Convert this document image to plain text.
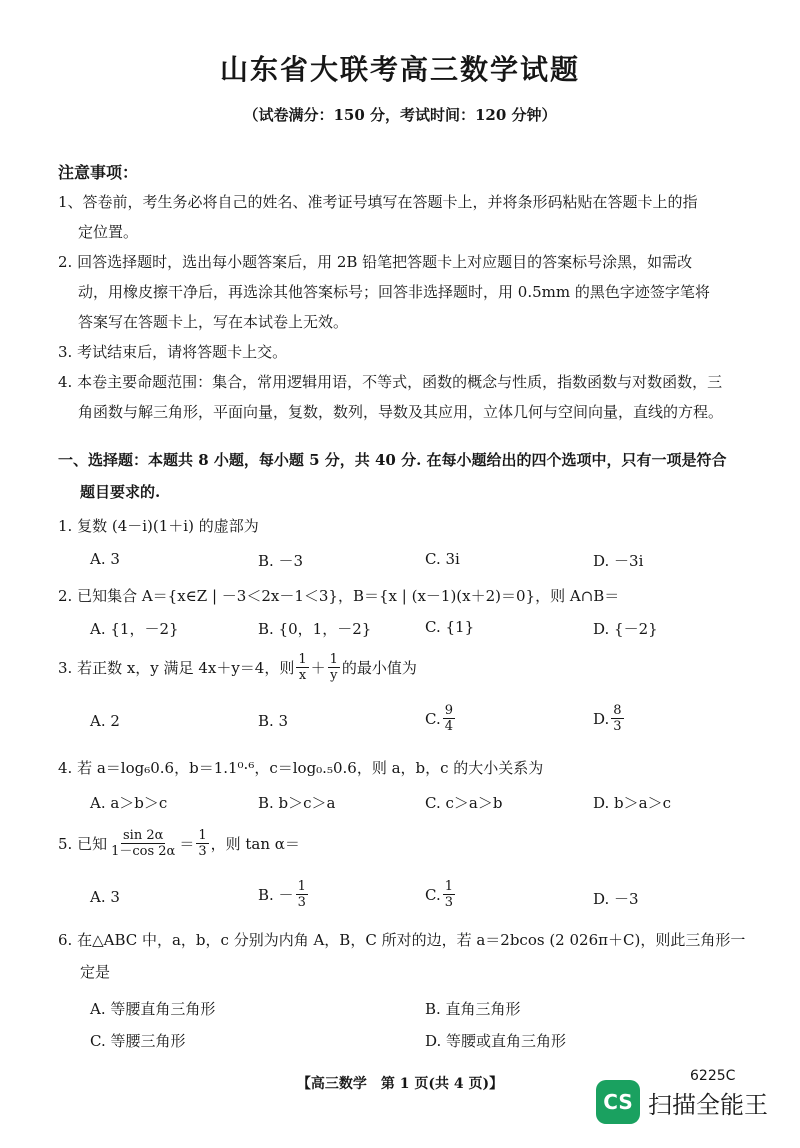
山东省大联考高三数学试题
（试卷满分：150 分，考试时间：120 分钟）
注意事项：
1、答卷前，考生务必将自己的姓名、准考证号填写在答题卡上，并将条形码粘贴在答题卡上的指
定位置。
2. 回答选择题时，选出每小题答案后，用 2B 铅笔把答题卡上对应题目的答案标号涂黑，如需改
动，用橡皮擦干净后，再选涂其他答案标号；回答非选择题时，用 0.5mm 的黑色字迹签字笔将
答案写在答题卡上，写在本试卷上无效。
3. 考试结束后，请将答题卡上交。
4. 本卷主要命题范围：集合，常用逻辑用语，不等式，函数的概念与性质，指数函数与对数函数，三
角函数与解三角形，平面向量，复数，数列，导数及其应用，立体几何与空间向量，直线的方程。
一、选择题：本题共 8 小题，每小题 5 分，共 40 分. 在每小题给出的四个选项中，只有一项是符合
题目要求的.
1. 复数 (4－i)(1＋i) 的虚部为
A. 3	B. －3	C. 3i	D. －3i
2. 已知集合 A＝{x∈Z | －3＜2x－1＜3}，B＝{x | (x－1)(x＋2)＝0}，则 A∩B＝
A. {1，－2}	B. {0，1，－2}	C. {1}	D. {－2}
3. 若正数 x，y 满足 4x＋y＝4，则 $\frac{1}{x} + \frac{1}{y}$ 的最小值为
A. 2	B. 3	C. $\frac{9}{4}$	D. $\frac{8}{3}$
4. 若 a＝log₆0.6，b＝1.1⁰·⁶，c＝log₀.₅0.6，则 a，b，c 的大小关系为
A. a＞b＞c	B. b＞c＞a	C. c＞a＞b	D. b＞a＞c
5. 已知 $\frac{\sin 2\alpha}{1-\cos 2\alpha} = \frac{1}{3}$ ，则 tan α＝
A. 3	B. － $\frac{1}{3}$	C. $\frac{1}{3}$	D. －3
6. 在△ABC 中，a，b，c 分别为内角 A，B，C 所对的边，若 a＝2bcos (2 026π＋C)，则此三角形一
定是
A. 等腰直角三角形	B. 直角三角形
C. 等腰三角形	D. 等腰或直角三角形
【高三数学　第 1 页(共 4 页)】	6225C
CS 扫描全能王
